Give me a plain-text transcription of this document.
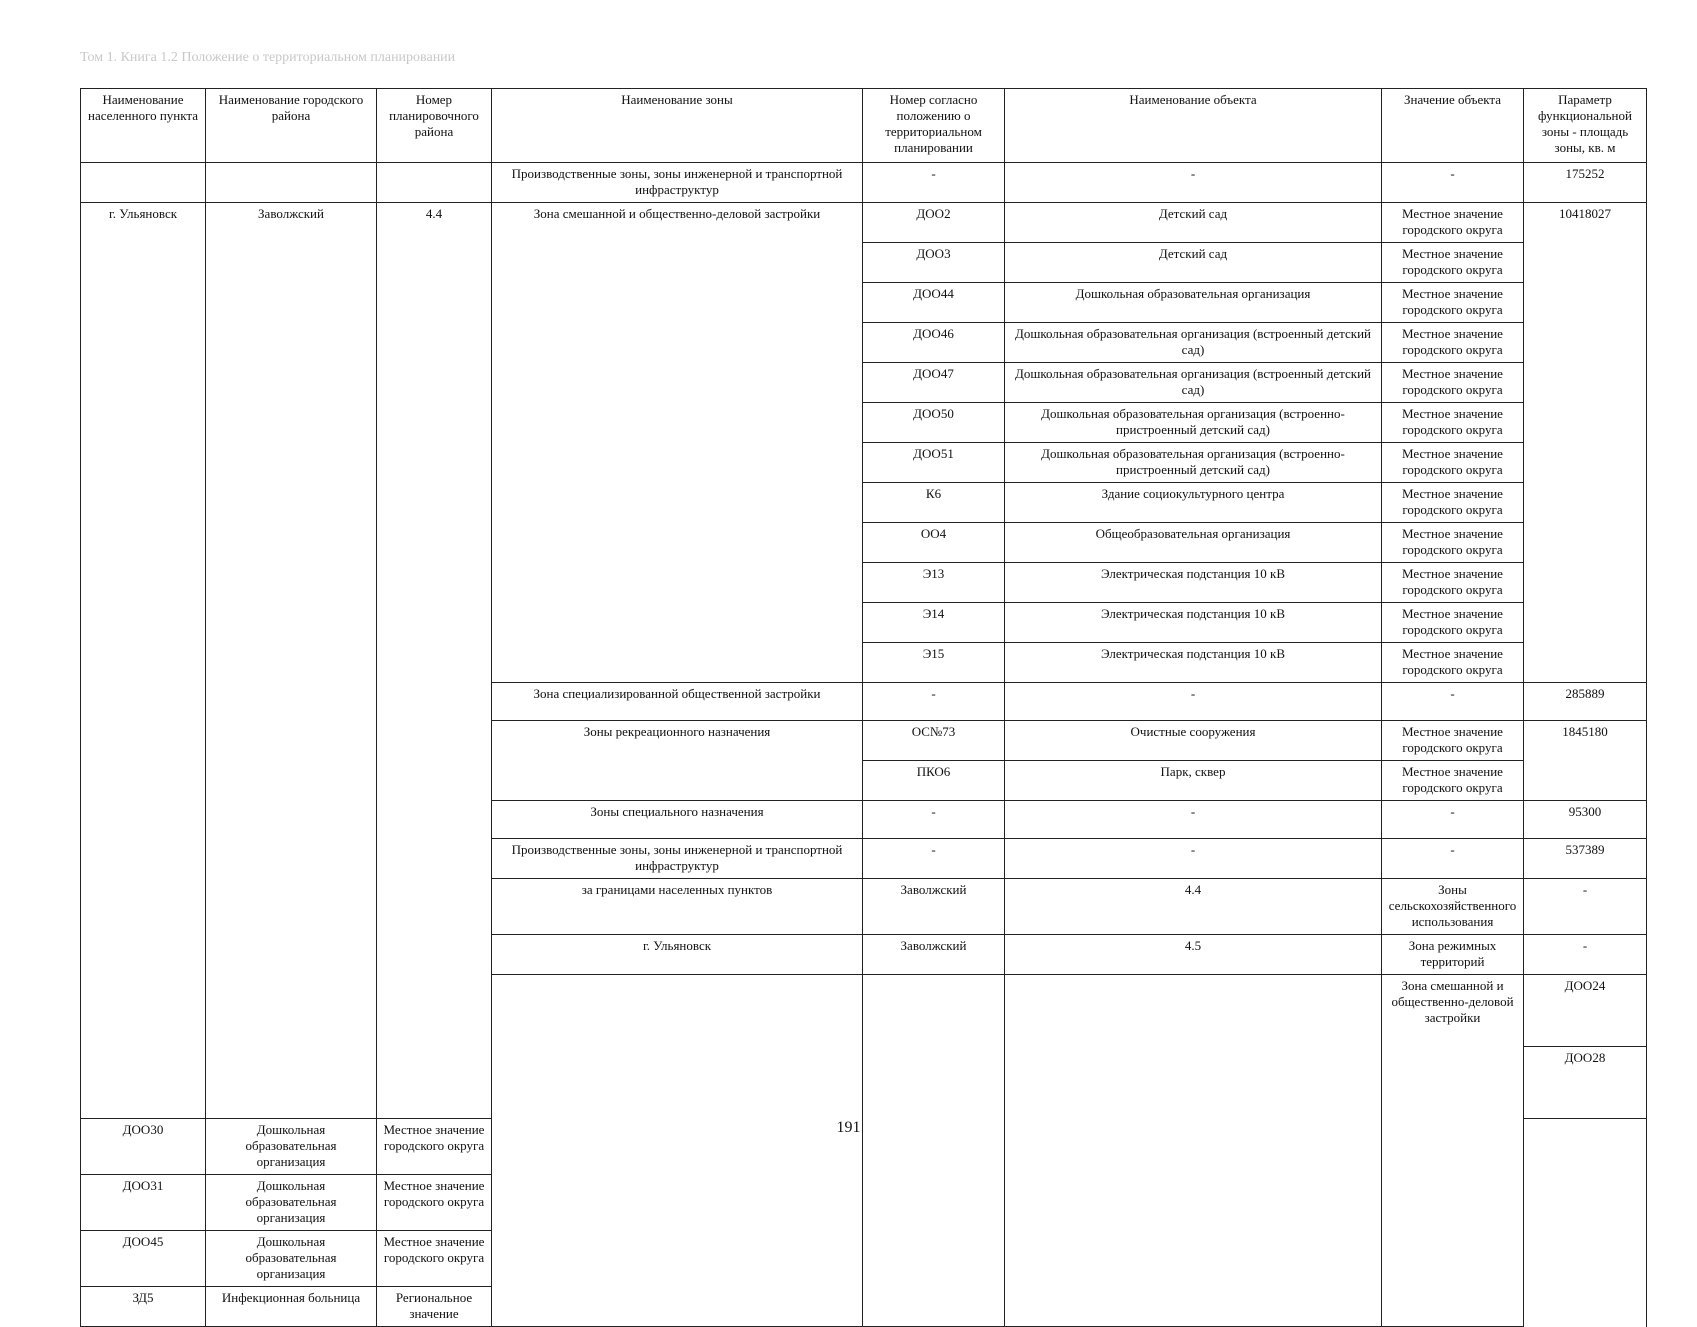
Том 1. Книга 1.2 Положение о территориальном планировании
Наименование населенного пункта	Наименование городского района	Номер планировочного района	Наименование зоны	Номер согласно положению о территориальном планировании	Наименование объекта	Значение объекта	Параметр функциональной зоны - площадь зоны, кв. м	
			Производственные зоны, зоны инженерной и транспортной инфраструктур	-	-	-	175252	
г. Ульяновск	Заволжский	4.4	Зона смешанной и общественно-деловой застройки	ДОО2	Детский сад	Местное значение городского округа	10418027	
				ДОО3	Детский сад	Местное значение городского округа		
				ДОО44	Дошкольная образовательная организация	Местное значение городского округа		
				ДОО46	Дошкольная образовательная организация (встроенный детский сад)	Местное значение городского округа		
				ДОО47	Дошкольная образовательная организация (встроенный детский сад)	Местное значение городского округа		
				ДОО50	Дошкольная образовательная организация (встроенно-пристроенный детский сад)	Местное значение городского округа		
				ДОО51	Дошкольная образовательная организация (встроенно-пристроенный детский сад)	Местное значение городского округа		
				К6	Здание социокультурного центра	Местное значение городского округа		
				ОО4	Общеобразовательная организация	Местное значение городского округа		
				Э13	Электрическая подстанция 10 кВ	Местное значение городского округа		
				Э14	Электрическая подстанция 10 кВ	Местное значение городского округа		
				Э15	Электрическая подстанция 10 кВ	Местное значение городского округа		
			Зона специализированной общественной застройки	-	-	-	285889	
			Зоны рекреационного назначения	ОС№73	Очистные сооружения	Местное значение городского округа	1845180	
				ПКО6	Парк, сквер	Местное значение городского округа		
			Зоны специального назначения	-	-	-	95300	
			Производственные зоны, зоны инженерной и транспортной инфраструктур	-	-	-	537389	
			за границами населенных пунктов	Заволжский	4.4	Зоны сельскохозяйственного использования	-			
			г. Ульяновск	Заволжский	4.5	Зона режимных территорий	-			
						Зона смешанной и общественно-деловой застройки	ДОО24			
							ДОО28		
ДОО30	Дошкольная образовательная организация	Местное значение городского округа						
ДОО31	Дошкольная образовательная организация	Местное значение городского округа						
ДОО45	Дошкольная образовательная организация	Местное значение городского округа						
ЗД5	Инфекционная больница	Региональное значение						
191
